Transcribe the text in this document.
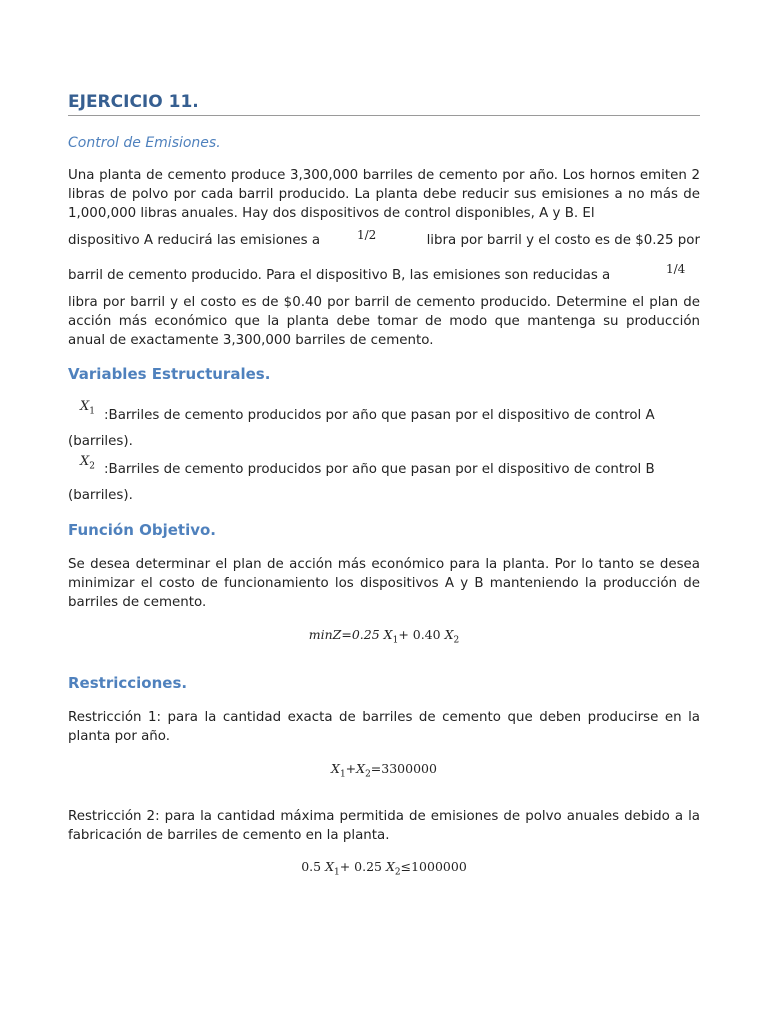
EJERCICIO 11.
Control de Emisiones.
Una planta de cemento produce 3,300,000 barriles de cemento por año. Los hornos emiten 2 libras de polvo por cada barril producido. La planta debe reducir sus emisiones a no más de 1,000,000 libras anuales. Hay dos dispositivos de control disponibles, A y B. El
dispositivo A reducirá las emisiones a	1/2	libra por barril y el costo es de $0.25 por
barril de cemento producido. Para el dispositivo B, las emisiones son reducidas a	1/4
libra por barril y el costo es de $0.40 por barril de cemento producido. Determine el plan de acción más económico que la planta debe tomar de modo que mantenga su producción anual de exactamente 3,300,000 barriles de cemento.
Variables Estructurales.
$X_1$ :Barriles de cemento producidos por año que pasan por el dispositivo de control A
(barriles).
$X_2$ :Barriles de cemento producidos por año que pasan por el dispositivo de control B
(barriles).
Función Objetivo.
Se desea determinar el plan de acción más económico para la planta. Por lo tanto se desea minimizar el costo de funcionamiento los dispositivos A y B manteniendo la producción de barriles de cemento.
minZ=0.25 $X_1+ 0.40$ $X_2$
Restricciones.
Restricción 1: para la cantidad exacta de barriles de cemento que deben producirse en la planta por año.
$X_1+X_2=3300000$
Restricción 2: para la cantidad máxima permitida de emisiones de polvo anuales debido a la fabricación de barriles de cemento en la planta.
0.5 $X_1+ 0.25$ $X_2\le 1000000$
